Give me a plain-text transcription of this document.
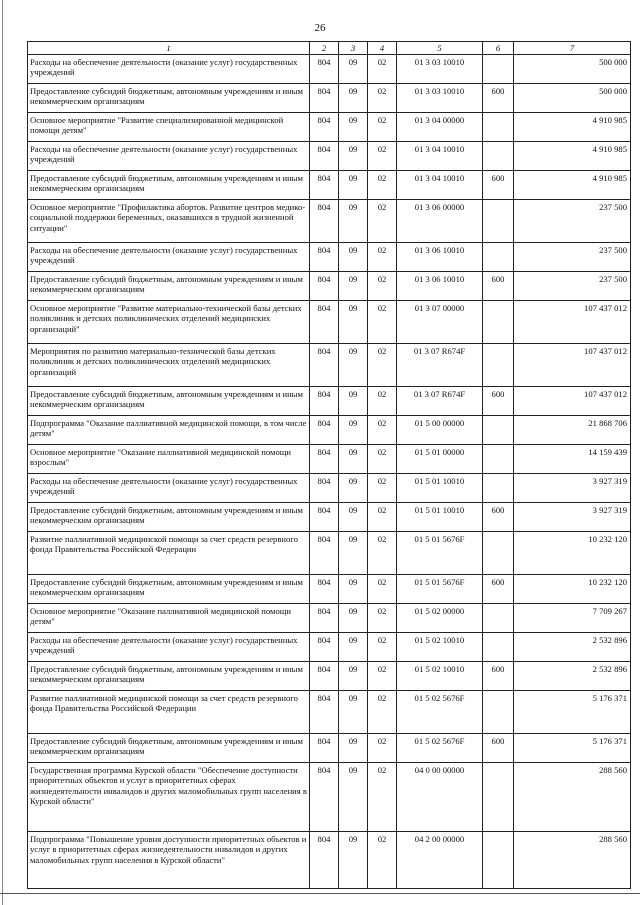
26
1	2	3	4	5	6	7
Расходы на обеспечение деятельности (оказание услуг) государственных учреждений	804	09	02	01 3 03 10010		500 000
Предоставление субсидий бюджетным, автономным учреждениям и иным некоммерческим организациям	804	09	02	01 3 03 10010	600	500 000
Основное мероприятие "Развитие специализированной медицинской помощи детям"	804	09	02	01 3 04 00000		4 910 985
Расходы на обеспечение деятельности (оказание услуг) государственных учреждений	804	09	02	01 3 04 10010		4 910 985
Предоставление субсидий бюджетным, автономным учреждениям и иным некоммерческим организациям	804	09	02	01 3 04 10010	600	4 910 985
Основное мероприятие "Профилактика абортов. Развитие центров медико-социальной поддержки беременных, оказавшихся в трудной жизненной ситуации"	804	09	02	01 3 06 00000		237 500
Расходы на обеспечение деятельности (оказание услуг) государственных учреждений	804	09	02	01 3 06 10010		237 500
Предоставление субсидий бюджетным, автономным учреждениям и иным некоммерческим организациям	804	09	02	01 3 06 10010	600	237 500
Основное мероприятие "Развитие материально-технической базы детских поликлиник и детских поликлинических отделений медицинских организаций"	804	09	02	01 3 07 00000		107 437 012
Мероприятия по развитию материально-технической базы детских поликлиник и детских поликлинических отделений медицинских организаций	804	09	02	01 3 07 R674F		107 437 012
Предоставление субсидий бюджетным, автономным учреждениям и иным некоммерческим организациям	804	09	02	01 3 07 R674F	600	107 437 012
Подпрограмма "Оказание паллиативной медицинской помощи, в том числе детям"	804	09	02	01 5 00 00000		21 868 706
Основное мероприятие "Оказание паллиативной медицинской помощи взрослым"	804	09	02	01 5 01 00000		14 159 439
Расходы на обеспечение деятельности (оказание услуг) государственных учреждений	804	09	02	01 5 01 10010		3 927 319
Предоставление субсидий бюджетным, автономным учреждениям и иным некоммерческим организациям	804	09	02	01 5 01 10010	600	3 927 319
Развитие паллиативной медицинской помощи за счет средств резервного фонда Правительства Российской Федерации	804	09	02	01 5 01 5676F		10 232 120
Предоставление субсидий бюджетным, автономным учреждениям и иным некоммерческим организациям	804	09	02	01 5 01 5676F	600	10 232 120
Основное мероприятие "Оказание паллиативной медицинской помощи детям"	804	09	02	01 5 02 00000		7 709 267
Расходы на обеспечение деятельности (оказание услуг) государственных учреждений	804	09	02	01 5 02 10010		2 532 896
Предоставление субсидий бюджетным, автономным учреждениям и иным некоммерческим организациям	804	09	02	01 5 02 10010	600	2 532 896
Развитие паллиативной медицинской помощи за счет средств резервного фонда Правительства Российской Федерации	804	09	02	01 5 02 5676F		5 176 371
Предоставление субсидий бюджетным, автономным учреждениям и иным некоммерческим организациям	804	09	02	01 5 02 5676F	600	5 176 371
Государственная программа Курской области "Обеспечение доступности приоритетных объектов и услуг в приоритетных сферах жизнедеятельности инвалидов и других маломобильных групп населения в Курской области"	804	09	02	04 0 00 00000		288 560
Подпрограмма "Повышение уровня доступности приоритетных объектов и услуг в приоритетных сферах жизнедеятельности инвалидов и других маломобильных групп населения в Курской области"	804	09	02	04 2 00 00000		288 560
